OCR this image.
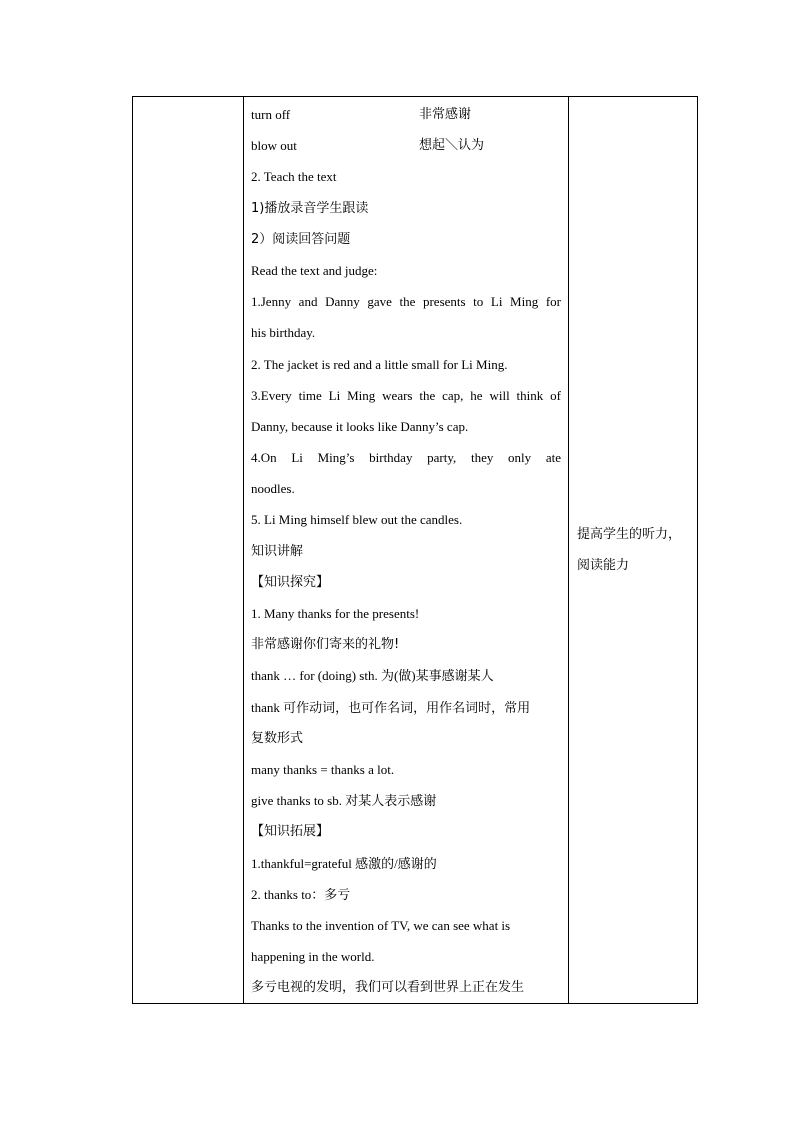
turn off	非常感谢
blow out	想起＼认为
2. Teach the text
1)播放录音学生跟读
2）阅读回答问题
Read the text and judge:
1.Jenny and Danny gave the presents to Li Ming for
his birthday.
2. The jacket is red and a little small for Li Ming.
3.Every time Li Ming wears the cap, he will think of
Danny, because it looks like Danny’s cap.
4.On Li Ming’s birthday party, they only ate
noodles.
5. Li Ming himself blew out the candles.
知识讲解
【知识探究】
1. Many thanks for the presents!
非常感谢你们寄来的礼物!
thank … for (doing) sth. 为(做)某事感谢某人
thank 可作动词，也可作名词，用作名词时，常用
复数形式
many thanks = thanks a lot.
give thanks to sb. 对某人表示感谢
【知识拓展】
1.thankful=grateful 感激的/感谢的
2. thanks to：多亏
Thanks to the invention of TV, we can see what is
happening in the world.
多亏电视的发明，我们可以看到世界上正在发生

提高学生的听力，
阅读能力
